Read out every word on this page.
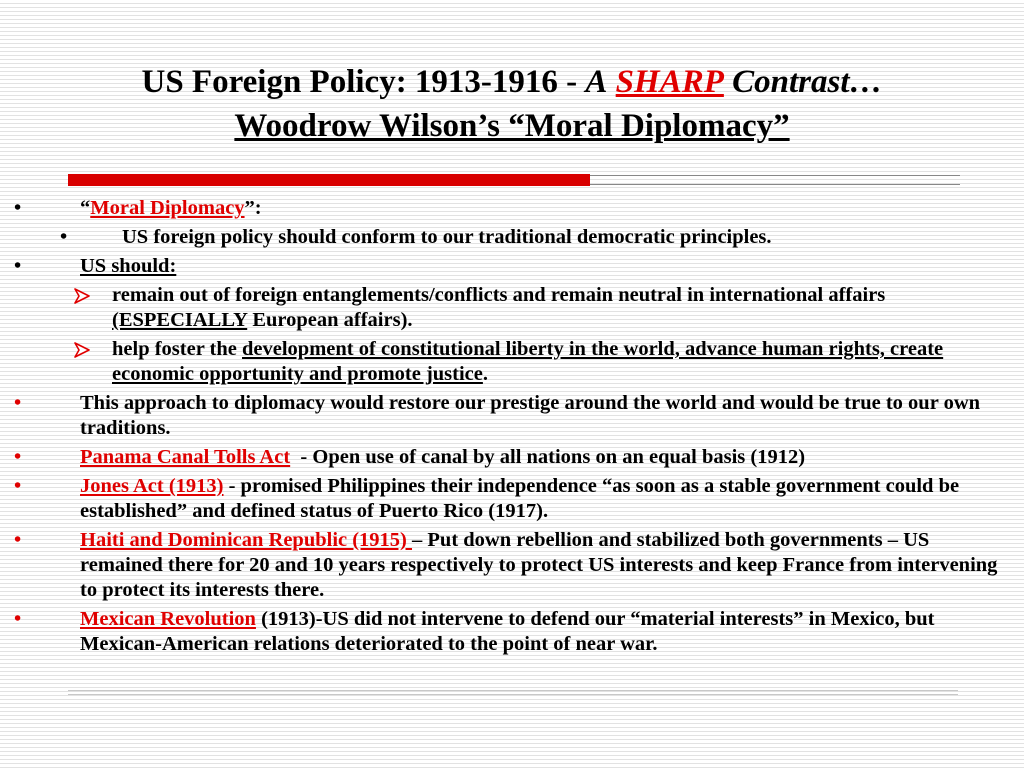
US Foreign Policy: 1913-1916 - A SHARP Contrast…
Woodrow Wilson’s “Moral Diplomacy”
•	“Moral Diplomacy”:
•	US foreign policy should conform to our traditional democratic principles.
•	US should:
remain out of foreign entanglements/conflicts and remain neutral in international affairs (ESPECIALLY European affairs).
help foster the development of constitutional liberty in the world, advance human rights, create economic opportunity and promote justice.
•	This approach to diplomacy would restore our prestige around the world and would be true to our own traditions.
•	Panama Canal Tolls Act  - Open use of canal by all nations on an equal basis (1912)
•	Jones Act (1913) - promised Philippines their independence “as soon as a stable government could be established” and defined status of Puerto Rico (1917).
•	Haiti and Dominican Republic (1915) – Put down rebellion and stabilized both governments – US remained there for 20 and 10 years respectively to protect US interests and keep France from intervening to protect its interests there.
•	Mexican Revolution (1913)-US did not intervene to defend our “material interests” in Mexico, but Mexican-American relations deteriorated to the point of near war.
